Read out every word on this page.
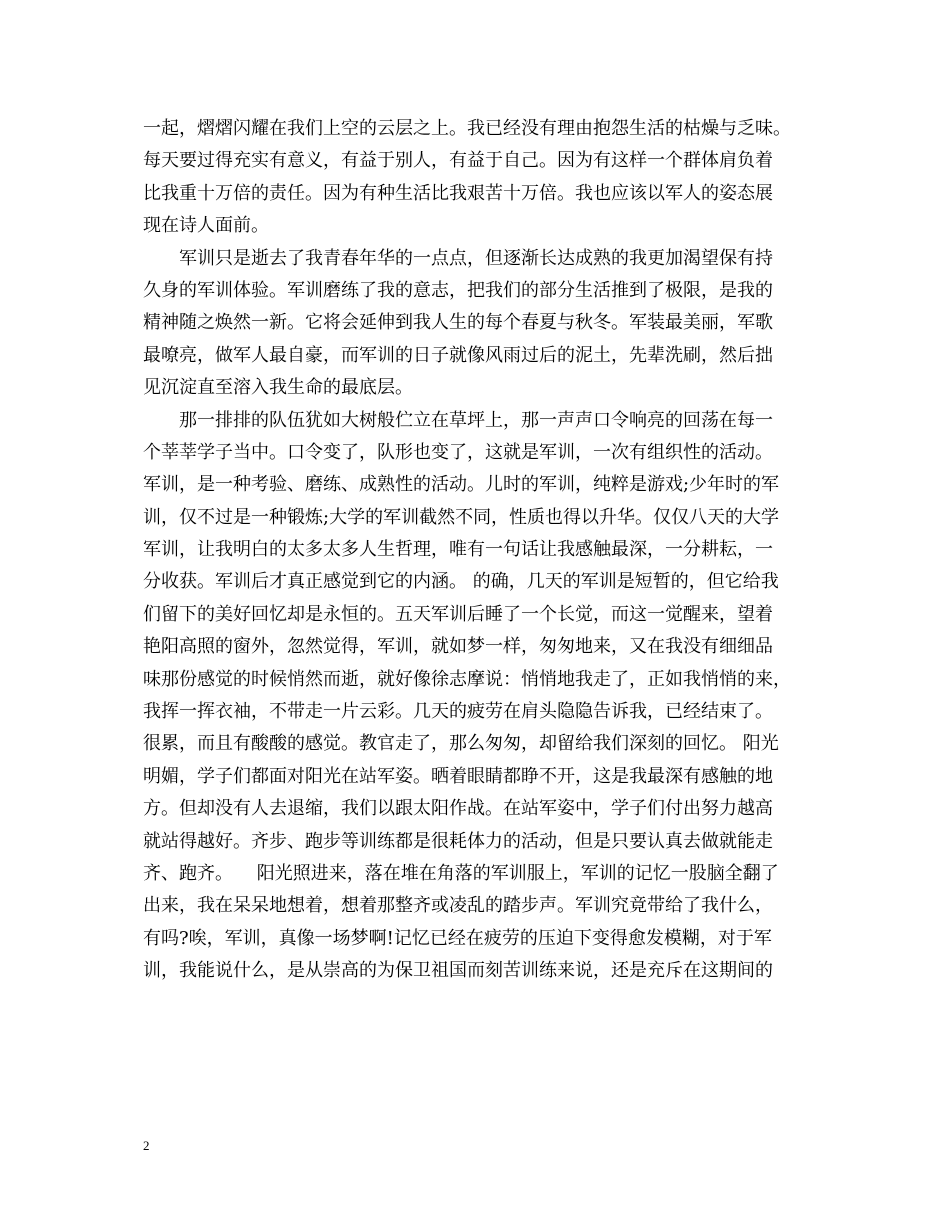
一起，熠熠闪耀在我们上空的云层之上。我已经没有理由抱怨生活的枯燥与乏味。
每天要过得充实有意义，有益于别人，有益于自己。因为有这样一个群体肩负着
比我重十万倍的责任。因为有种生活比我艰苦十万倍。我也应该以军人的姿态展
现在诗人面前。
　　军训只是逝去了我青春年华的一点点，但逐渐长达成熟的我更加渴望保有持
久身的军训体验。军训磨练了我的意志，把我们的部分生活推到了极限，是我的
精神随之焕然一新。它将会延伸到我人生的每个春夏与秋冬。军装最美丽，军歌
最嘹亮，做军人最自豪，而军训的日子就像风雨过后的泥土，先辈洗刷，然后拙
见沉淀直至溶入我生命的最底层。
　　那一排排的队伍犹如大树般伫立在草坪上，那一声声口令响亮的回荡在每一
个莘莘学子当中。口令变了，队形也变了，这就是军训，一次有组织性的活动。
军训，是一种考验、磨练、成熟性的活动。儿时的军训，纯粹是游戏;少年时的军
训，仅不过是一种锻炼;大学的军训截然不同，性质也得以升华。仅仅八天的大学
军训，让我明白的太多太多人生哲理，唯有一句话让我感触最深，一分耕耘，一
分收获。军训后才真正感觉到它的内涵。 的确，几天的军训是短暂的，但它给我
们留下的美好回忆却是永恒的。五天军训后睡了一个长觉，而这一觉醒来，望着
艳阳高照的窗外，忽然觉得，军训，就如梦一样，匆匆地来，又在我没有细细品
味那份感觉的时候悄然而逝，就好像徐志摩说：悄悄地我走了，正如我悄悄的来，
我挥一挥衣袖，不带走一片云彩。几天的疲劳在肩头隐隐告诉我，已经结束了。
很累，而且有酸酸的感觉。教官走了，那么匆匆，却留给我们深刻的回忆。 阳光
明媚，学子们都面对阳光在站军姿。晒着眼睛都睁不开，这是我最深有感触的地
方。但却没有人去退缩，我们以跟太阳作战。在站军姿中，学子们付出努力越高
就站得越好。齐步、跑步等训练都是很耗体力的活动，但是只要认真去做就能走
齐、跑齐。 　阳光照进来，落在堆在角落的军训服上，军训的记忆一股脑全翻了
出来，我在呆呆地想着，想着那整齐或凌乱的踏步声。军训究竟带给了我什么，
有吗?唉，军训，真像一场梦啊!记忆已经在疲劳的压迫下变得愈发模糊，对于军
训，我能说什么，是从崇高的为保卫祖国而刻苦训练来说，还是充斥在这期间的
2
